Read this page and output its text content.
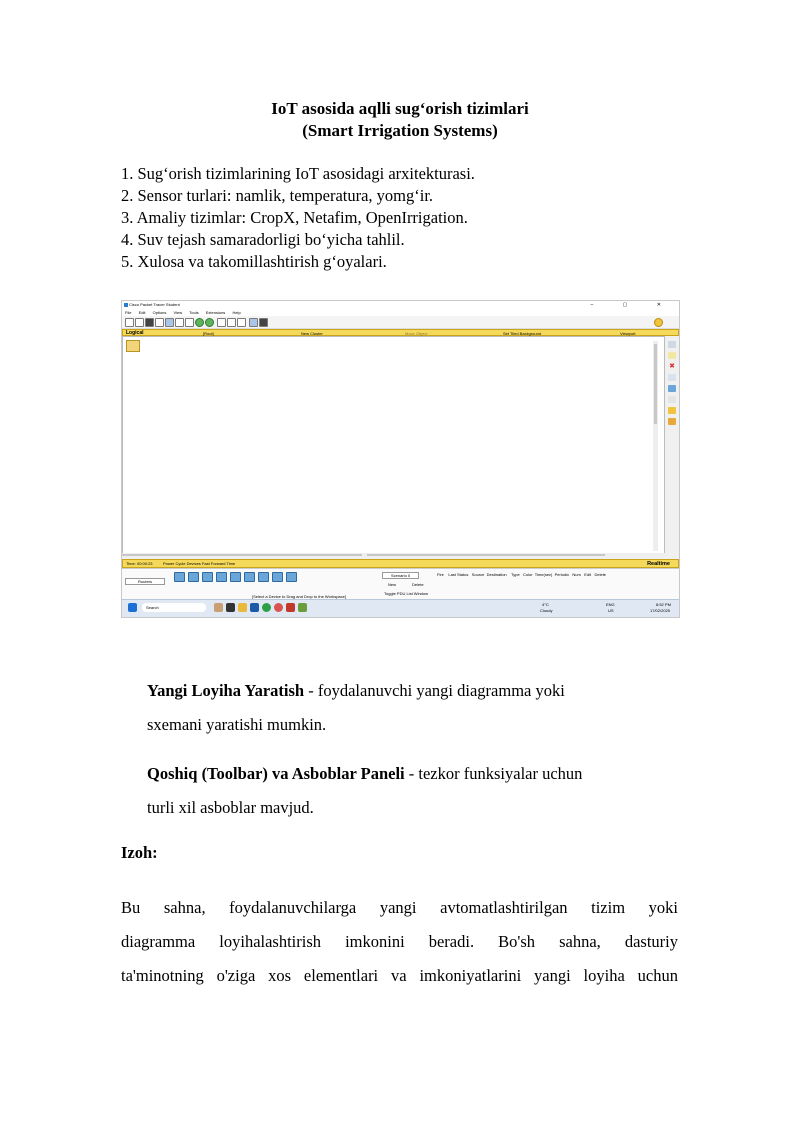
IoT asosida aqlli sug‘orish tizimlari
(Smart Irrigation Systems)
1. Sug‘orish tizimlarining IoT asosidagi arxitekturasi.
2. Sensor turlari: namlik, temperatura, yomg‘ir.
3. Amaliy tizimlar: CropX, Netafim, OpenIrrigation.
4. Suv tejash samaradorligi bo‘yicha tahlil.
5. Xulosa va takomillashtirish g‘oyalari.
Cisco Packet Tracer Student	– ▢ ✕
File Edit Options View Tools Extensions Help
Logical	[Root]	New Cluster	Move Object	Set Tiled Background	Viewport
✖
Time: 00:00:23	Power Cycle Devices Fast Forward Time	Realtime
Routers
[Select a Device to Drag and Drop to the Workspace]
Scenario 0
New	Delete
Toggle PDU List Window
Fire Last Status Source Destination Type Color Time(sec) Periodic Num Edit Delete
Search
4°C
Cloudy
ENG
US
8:52 PM
17/02/2025
Yangi Loyiha Yaratish - foydalanuvchi yangi diagramma yoki
sxemani yaratishi mumkin.
Qoshiq (Toolbar) va Asboblar Paneli - tezkor funksiyalar uchun
turli xil asboblar mavjud.
Izoh:
Bu sahna, foydalanuvchilarga yangi avtomatlashtirilgan tizim yoki
diagramma loyihalashtirish imkonini beradi. Bo'sh sahna, dasturiy
ta'minotning o'ziga xos elementlari va imkoniyatlarini yangi loyiha uchun
